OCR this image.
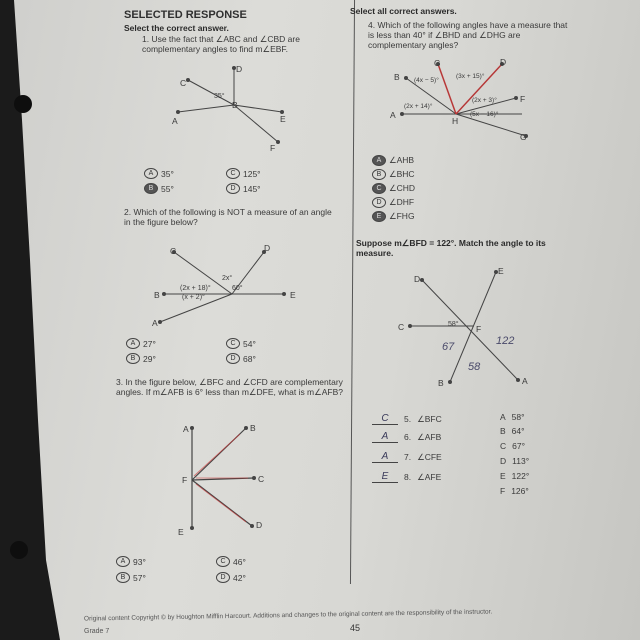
SELECTED RESPONSE
Select the correct answer.
1. Use the fact that ∠ABC and ∠CBD are complementary angles to find m∠EBF.
D
C
A
B
E
F
35°
A 35°	C 125°
B 55°	D 145°
2. Which of the following is NOT a measure of an angle in the figure below?
C	D
B	E
A
2x°
(2x + 18)°
(x + 2)°
60°
A 27°	C 54°
B 29°	D 68°
3. In the figure below, ∠BFC and ∠CFD are complementary angles. If m∠AFB is 6° less than m∠DFE, what is m∠AFB?
A	B
F	C
D
E
A 93°	C 46°
B 57°	D 42°
Select all correct answers.
4. Which of the following angles have a measure that is less than 40° if ∠BHD and ∠DHG are complementary angles?
C	D
B
A
H
F
G
(4x − 5)°
(3x + 15)°
(2x + 3)°
(2x + 14)°
(5x − 16)°
A ∠AHB
B ∠BHC
C ∠CHD
D ∠DHF
E ∠FHG
Suppose m∠BFD = 122°. Match the angle to its measure.
D
E
C	F
B	A
58°
122
67
58
C	5. ∠BFC
A	6. ∠AFB
A	7. ∠CFE
E	8. ∠AFE
A 58°
B 64°
C 67°
D 113°
E 122°
F 126°
Original content Copyright © by Houghton Mifflin Harcourt. Additions and changes to the original content are the responsibility of the instructor.
45
Grade 7
